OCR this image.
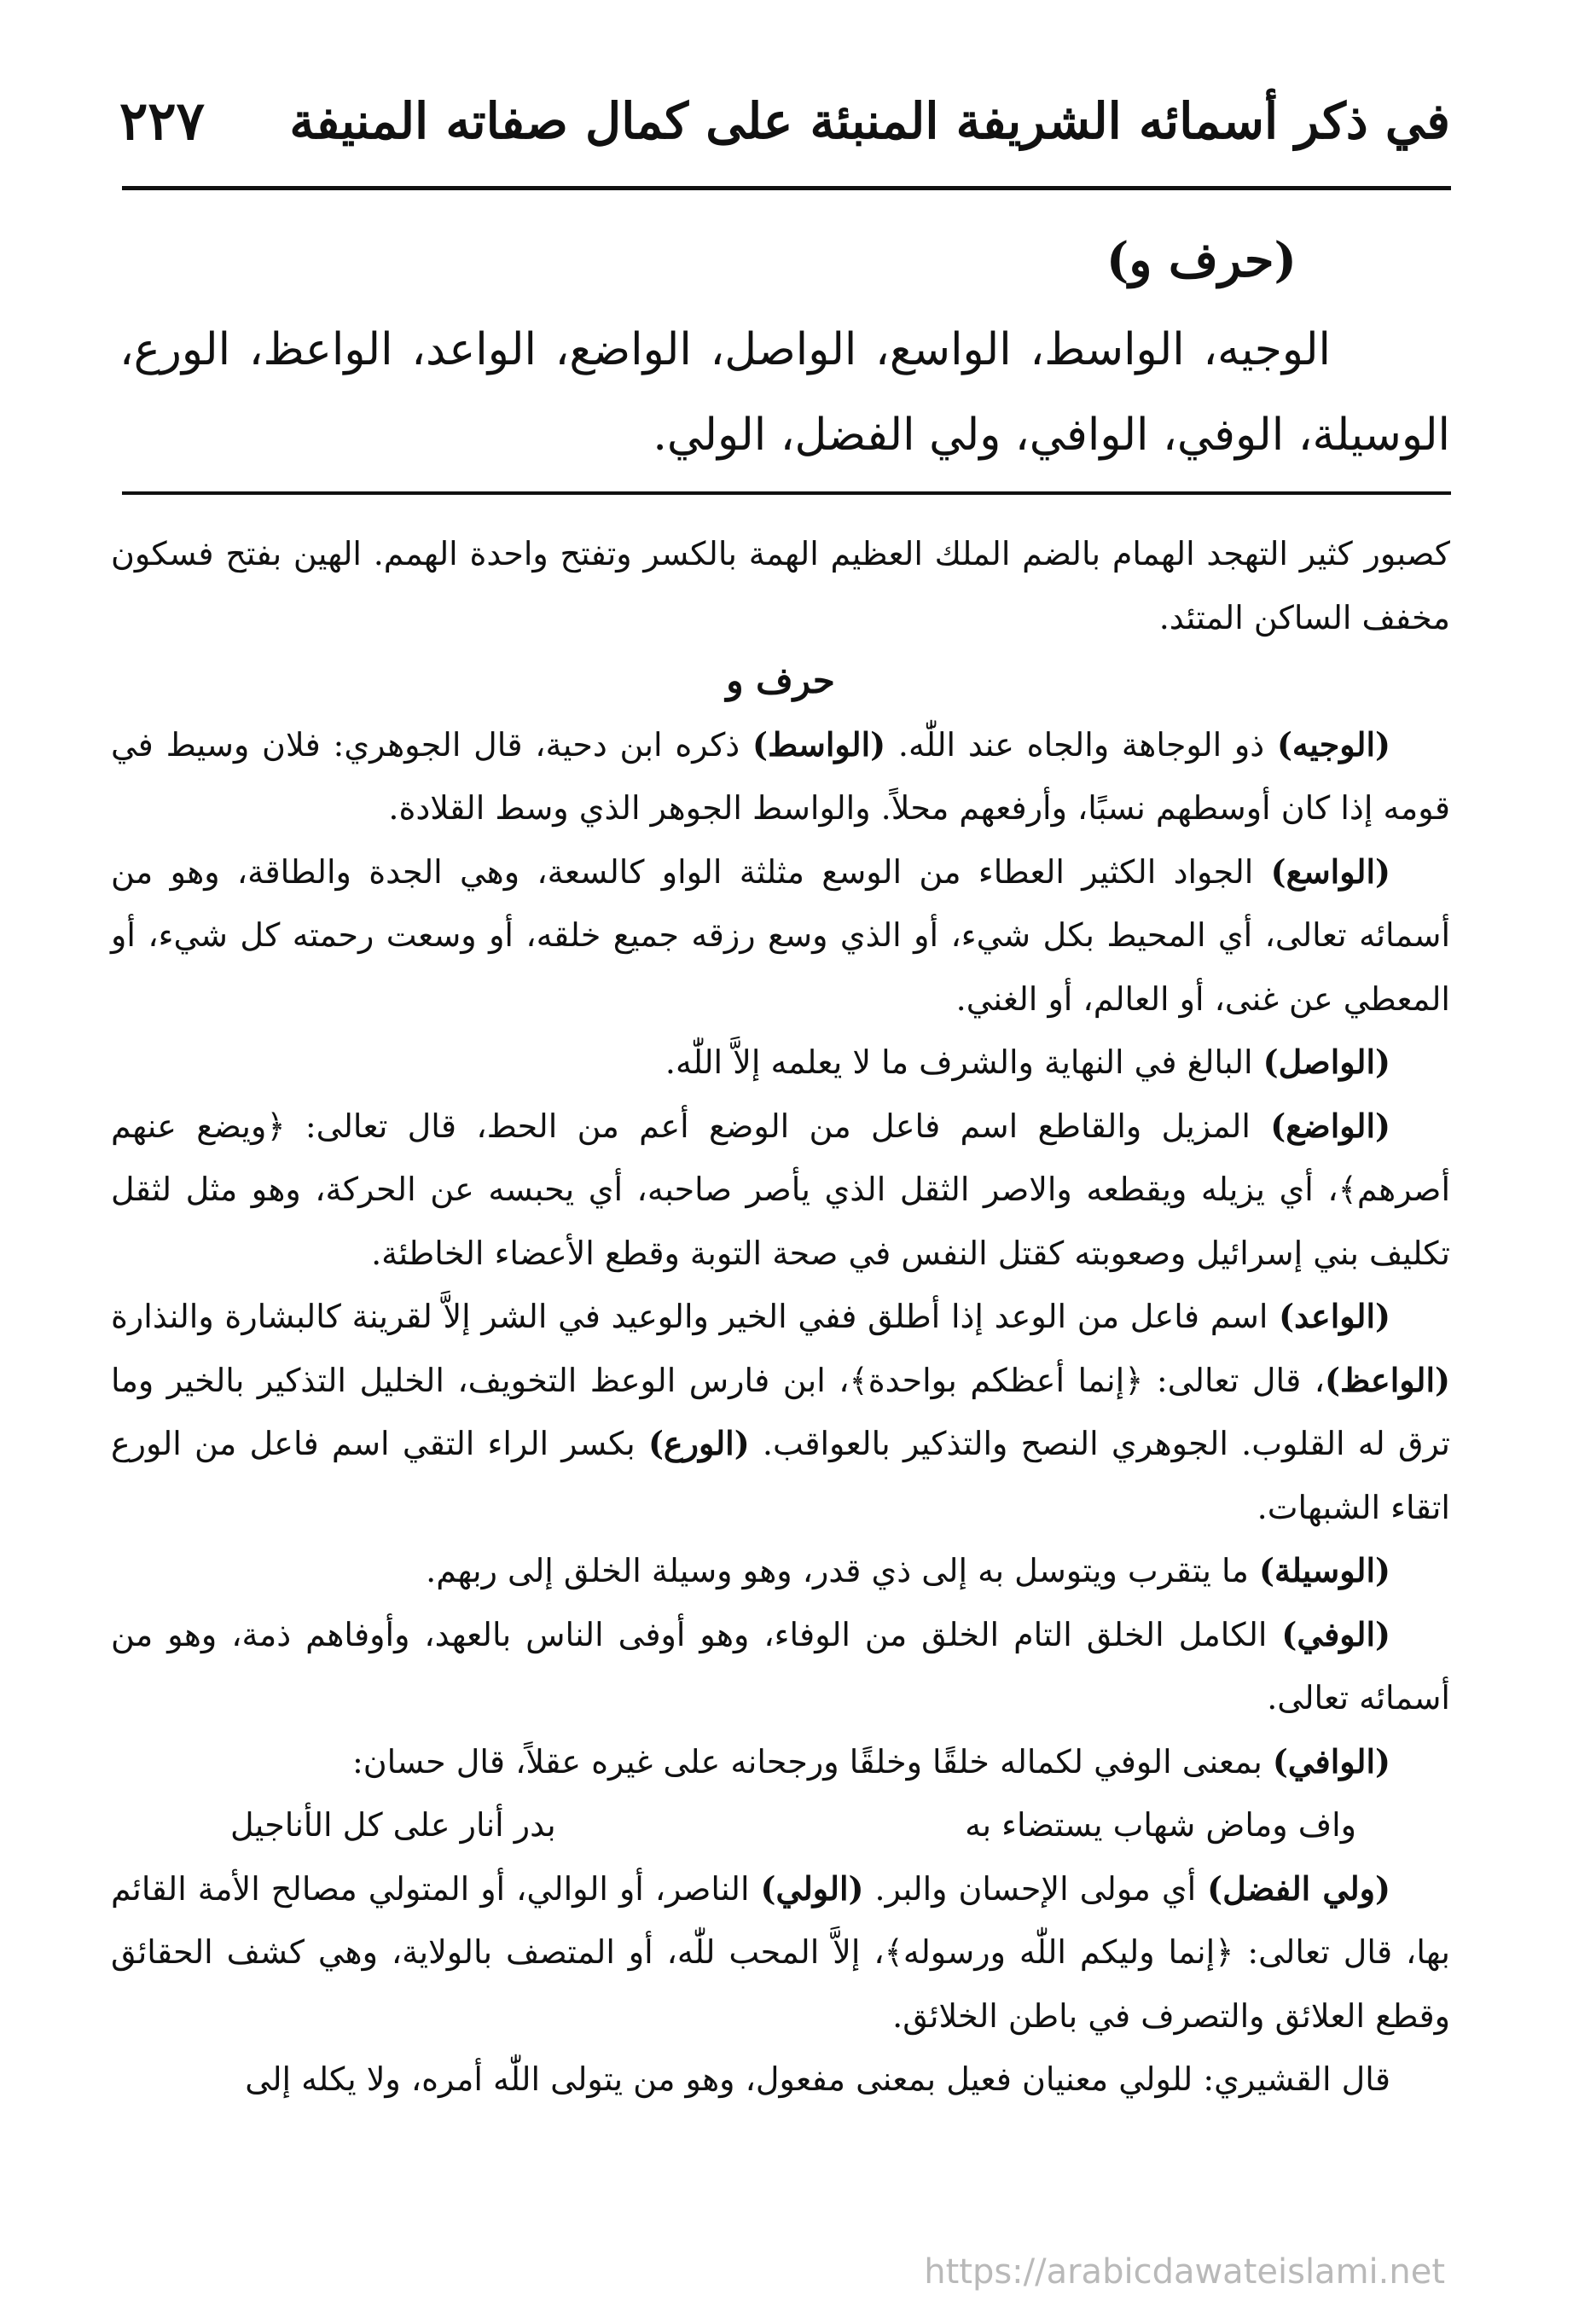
في ذكر أسمائه الشريفة المنبئة على كمال صفاته المنيفة
٢٢٧
(حرف و)
الوجيه، الواسط، الواسع، الواصل، الواضع، الواعد، الواعظ، الورع، الوسيلة، الوفي، الوافي، ولي الفضل، الولي.

كصبور كثير التهجد الهمام بالضم الملك العظيم الهمة بالكسر وتفتح واحدة الهمم. الهين بفتح فسكون مخفف الساكن المتئد.

حرف و

(الوجيه) ذو الوجاهة والجاه عند اللّٰه. (الواسط) ذكره ابن دحية، قال الجوهري: فلان وسيط في قومه إذا كان أوسطهم نسبًا، وأرفعهم محلاً. والواسط الجوهر الذي وسط القلادة.

(الواسع) الجواد الكثير العطاء من الوسع مثلثة الواو كالسعة، وهي الجدة والطاقة، وهو من أسمائه تعالى، أي المحيط بكل شيء، أو الذي وسع رزقه جميع خلقه، أو وسعت رحمته كل شيء، أو المعطي عن غنى، أو العالم، أو الغني.

(الواصل) البالغ في النهاية والشرف ما لا يعلمه إلاَّ اللّٰه.

(الواضع) المزيل والقاطع اسم فاعل من الوضع أعم من الحط، قال تعالى: ﴿ويضع عنهم أصرهم﴾، أي يزيله ويقطعه والاصر الثقل الذي يأصر صاحبه، أي يحبسه عن الحركة، وهو مثل لثقل تكليف بني إسرائيل وصعوبته كقتل النفس في صحة التوبة وقطع الأعضاء الخاطئة.

(الواعد) اسم فاعل من الوعد إذا أطلق ففي الخير والوعيد في الشر إلاَّ لقرينة كالبشارة والنذارة (الواعظ)، قال تعالى: ﴿إنما أعظكم بواحدة﴾، ابن فارس الوعظ التخويف، الخليل التذكير بالخير وما ترق له القلوب. الجوهري النصح والتذكير بالعواقب. (الورع) بكسر الراء التقي اسم فاعل من الورع اتقاء الشبهات.

(الوسيلة) ما يتقرب ويتوسل به إلى ذي قدر، وهو وسيلة الخلق إلى ربهم.

(الوفي) الكامل الخلق التام الخلق من الوفاء، وهو أوفى الناس بالعهد، وأوفاهم ذمة، وهو من أسمائه تعالى.

(الوافي) بمعنى الوفي لكماله خلقًا وخلقًا ورجحانه على غيره عقلاً، قال حسان:

واف وماض شهاب يستضاء به
بدر أنار على كل الأناجيل

(ولي الفضل) أي مولى الإحسان والبر. (الولي) الناصر، أو الوالي، أو المتولي مصالح الأمة القائم بها، قال تعالى: ﴿إنما وليكم اللّٰه ورسوله﴾، إلاَّ المحب للّٰه، أو المتصف بالولاية، وهي كشف الحقائق وقطع العلائق والتصرف في باطن الخلائق.

قال القشيري: للولي معنيان فعيل بمعنى مفعول، وهو من يتولى اللّٰه أمره، ولا يكله إلى

https://arabicdawateislami.net
